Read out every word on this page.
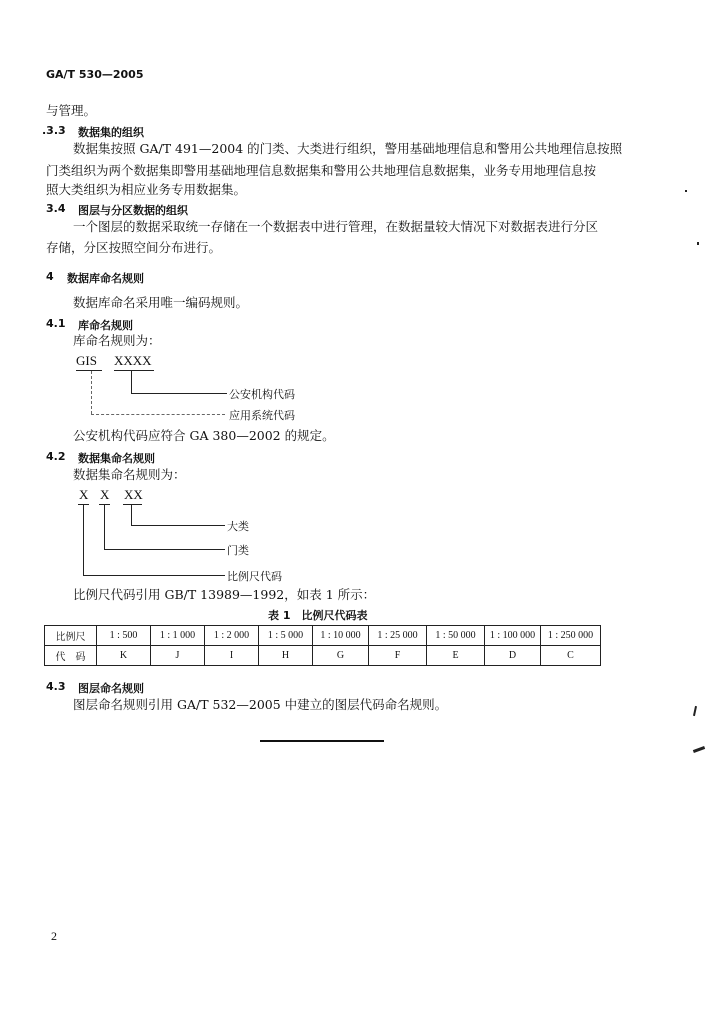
GA/T 530—2005
与管理。
.3.3 数据集的组织
数据集按照 GA/T 491—2004 的门类、大类进行组织，警用基础地理信息和警用公共地理信息按照
门类组织为两个数据集即警用基础地理信息数据集和警用公共地理信息数据集，业务专用地理信息按
照大类组织为相应业务专用数据集。
3.4 图层与分区数据的组织
一个图层的数据采取统一存储在一个数据表中进行管理，在数据量较大情况下对数据表进行分区
存储，分区按照空间分布进行。
4 数据库命名规则
数据库命名采用唯一编码规则。
4.1 库命名规则
库命名规则为：
GIS XXXX
公安机构代码
应用系统代码
公安机构代码应符合 GA 380—2002 的规定。
4.2 数据集命名规则
数据集命名规则为：
X X XX
大类
门类
比例尺代码
比例尺代码引用 GB/T 13989—1992，如表 1 所示：
表 1　比例尺代码表
比例尺	1 : 500	1 : 1 000	1 : 2 000	1 : 5 000	1 : 10 000	1 : 25 000	1 : 50 000	1 : 100 000	1 : 250 000
代　码	K	J	I	H	G	F	E	D	C
4.3 图层命名规则
图层命名规则引用 GA/T 532—2005 中建立的图层代码命名规则。
2
